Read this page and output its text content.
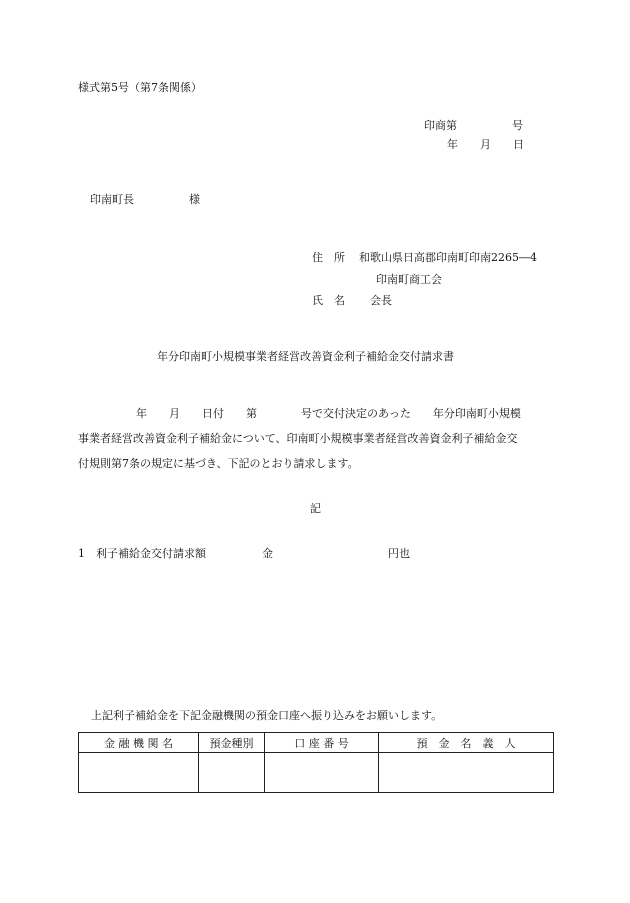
様式第5号（第7条関係）
印商第　　　　　号
年　　月　　日
印南町長　　　　　様
住　所 和歌山県日高郡印南町印南2265―4
印南町商工会
氏　名 会長
年分印南町小規模事業者経営改善資金利子補給金交付請求書
年　　月　　日付　　第　　　　号で交付決定のあった　　年分印南町小規模
事業者経営改善資金利子補給金について、印南町小規模事業者経営改善資金利子補給金交
付規則第7条の規定に基づき、下記のとおり請求します。
記
1 利子補給金交付請求額	金	円也
上記利子補給金を下記金融機関の預金口座へ振り込みをお願いします。
金 融 機 関 名	預金種別	口 座 番 号	預　金　名　義　人
